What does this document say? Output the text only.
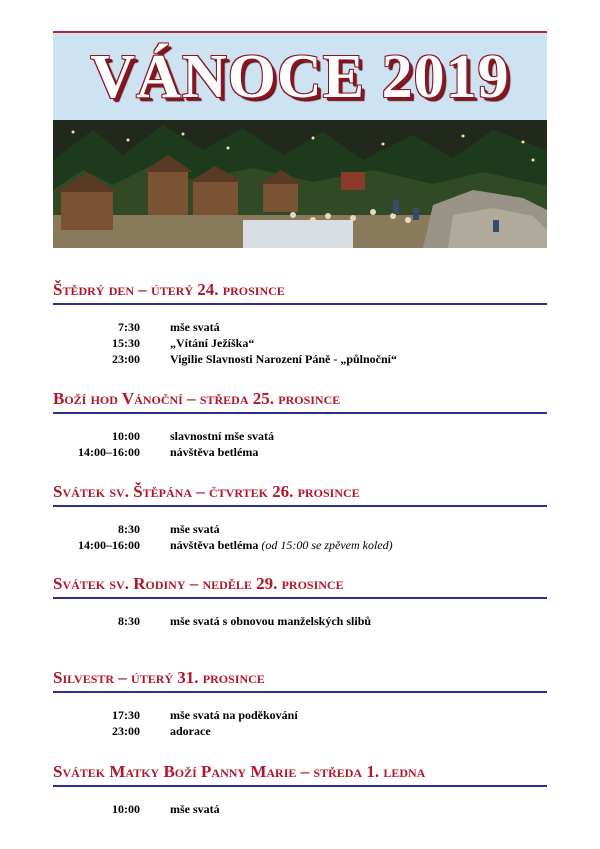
VÁNOCE 2019
Štědrý den – úterý 24. prosince
7:30	mše svatá
15:30	„Vítání Ježíška“
23:00	Vigilie Slavnosti Narození Páně - „půlnoční“
Boží hod Vánoční – středa 25. prosince
10:00	slavnostní mše svatá
14:00–16:00	návštěva betléma
Svátek sv. Štěpána – čtvrtek 26. prosince
8:30	mše svatá
14:00–16:00	návštěva betléma (od 15:00 se zpěvem koled)
Svátek sv. Rodiny – neděle 29. prosince
8:30	mše svatá s obnovou manželských slibů
Silvestr – úterý 31. prosince
17:30	mše svatá na poděkování
23:00	adorace
Svátek Matky Boží Panny Marie – středa 1. ledna
10:00	mše svatá
